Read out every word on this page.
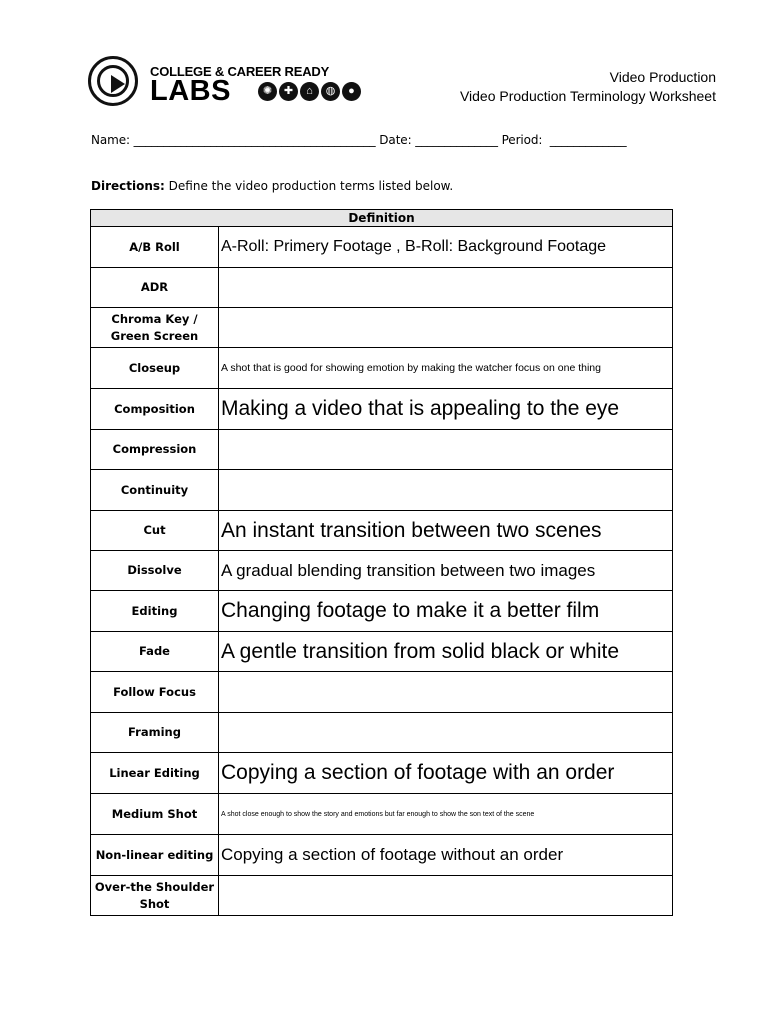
COLLEGE & CAREER READY
LABS	✺	✚	⌂	◍	●
Video Production
Video Production Terminology Worksheet
Name: _________________________________________ Date: ______________ Period:  _____________
Directions: Define the video production terms listed below.
Definition	
A/B Roll	A-Roll: Primery Footage , B-Roll: Background Footage
ADR	
Chroma Key / Green Screen	
Closeup	A shot that is good for showing emotion by making the watcher focus on one thing
Composition	Making a video that is appealing to the eye
Compression	
Continuity	
Cut	An instant transition between two scenes
Dissolve	A gradual blending transition between two images
Editing	Changing footage to make it a better film
Fade	A gentle transition from solid black or white
Follow Focus	
Framing	
Linear Editing	Copying a section of footage with an order
Medium Shot	A shot close enough to show the story and emotions but far enough to show the son text of the scene
Non-linear editing	Copying a section of footage without an order
Over-the Shoulder Shot	
